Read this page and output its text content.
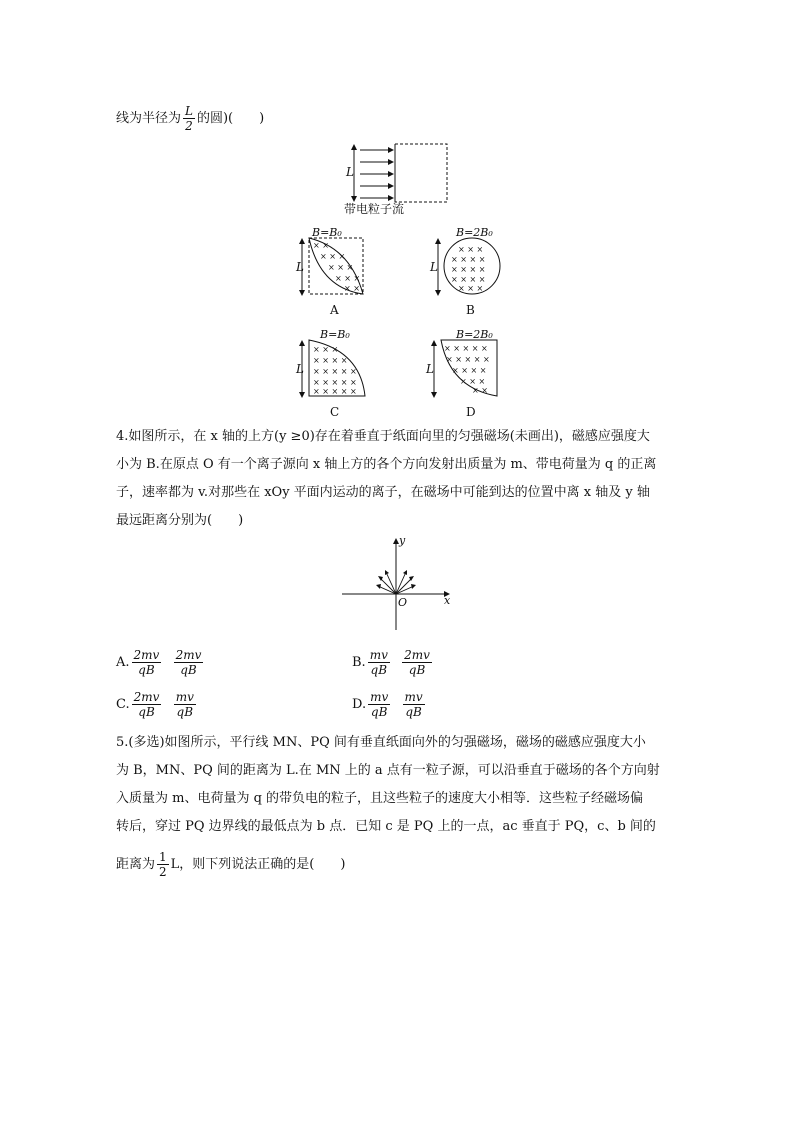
线为半径为 $\frac{L}{2}$ 的圆)(　　)
L
带电粒子流
B=B₀
L
× ×
× × ×
× × ×
× × ×
× ×
A
B=2B₀
L
× × ×
× × × ×
× × × ×
× × × ×
× × ×
B
B=B₀
L
× × ×
× × × ×
× × × × ×
× × × × ×
× × × × ×
C
B=2B₀
L
× × × × ×
× × × × ×
× × × ×
× × ×
× ×
D
4.如图所示，在 x 轴的上方(y ≥0)存在着垂直于纸面向里的匀强磁场(未画出)，磁感应强度大
小为 B.在原点 O 有一个离子源向 x 轴上方的各个方向发射出质量为 m、带电荷量为 q 的正离
子，速率都为 v.对那些在 xOy 平面内运动的离子，在磁场中可能到达的位置中离 x 轴及 y 轴
最远距离分别为(　　)
x
y
O
A. $\frac{2mv}{qB}$
$\frac{2mv}{qB}$	B. $\frac{mv}{qB}$
$\frac{2mv}{qB}$
C. $\frac{2mv}{qB}$
$\frac{mv}{qB}$	D. $\frac{mv}{qB}$
$\frac{mv}{qB}$
5.(多选)如图所示，平行线 MN、PQ 间有垂直纸面向外的匀强磁场，磁场的磁感应强度大小
为 B，MN、PQ 间的距离为 L.在 MN 上的 a 点有一粒子源，可以沿垂直于磁场的各个方向射
入质量为 m、电荷量为 q 的带负电的粒子，且这些粒子的速度大小相等．这些粒子经磁场偏
转后，穿过 PQ 边界线的最低点为 b 点．已知 c 是 PQ 上的一点，ac 垂直于 PQ，c、b 间的
距离为 $\frac{1}{2}$ L，则下列说法正确的是(　　)
